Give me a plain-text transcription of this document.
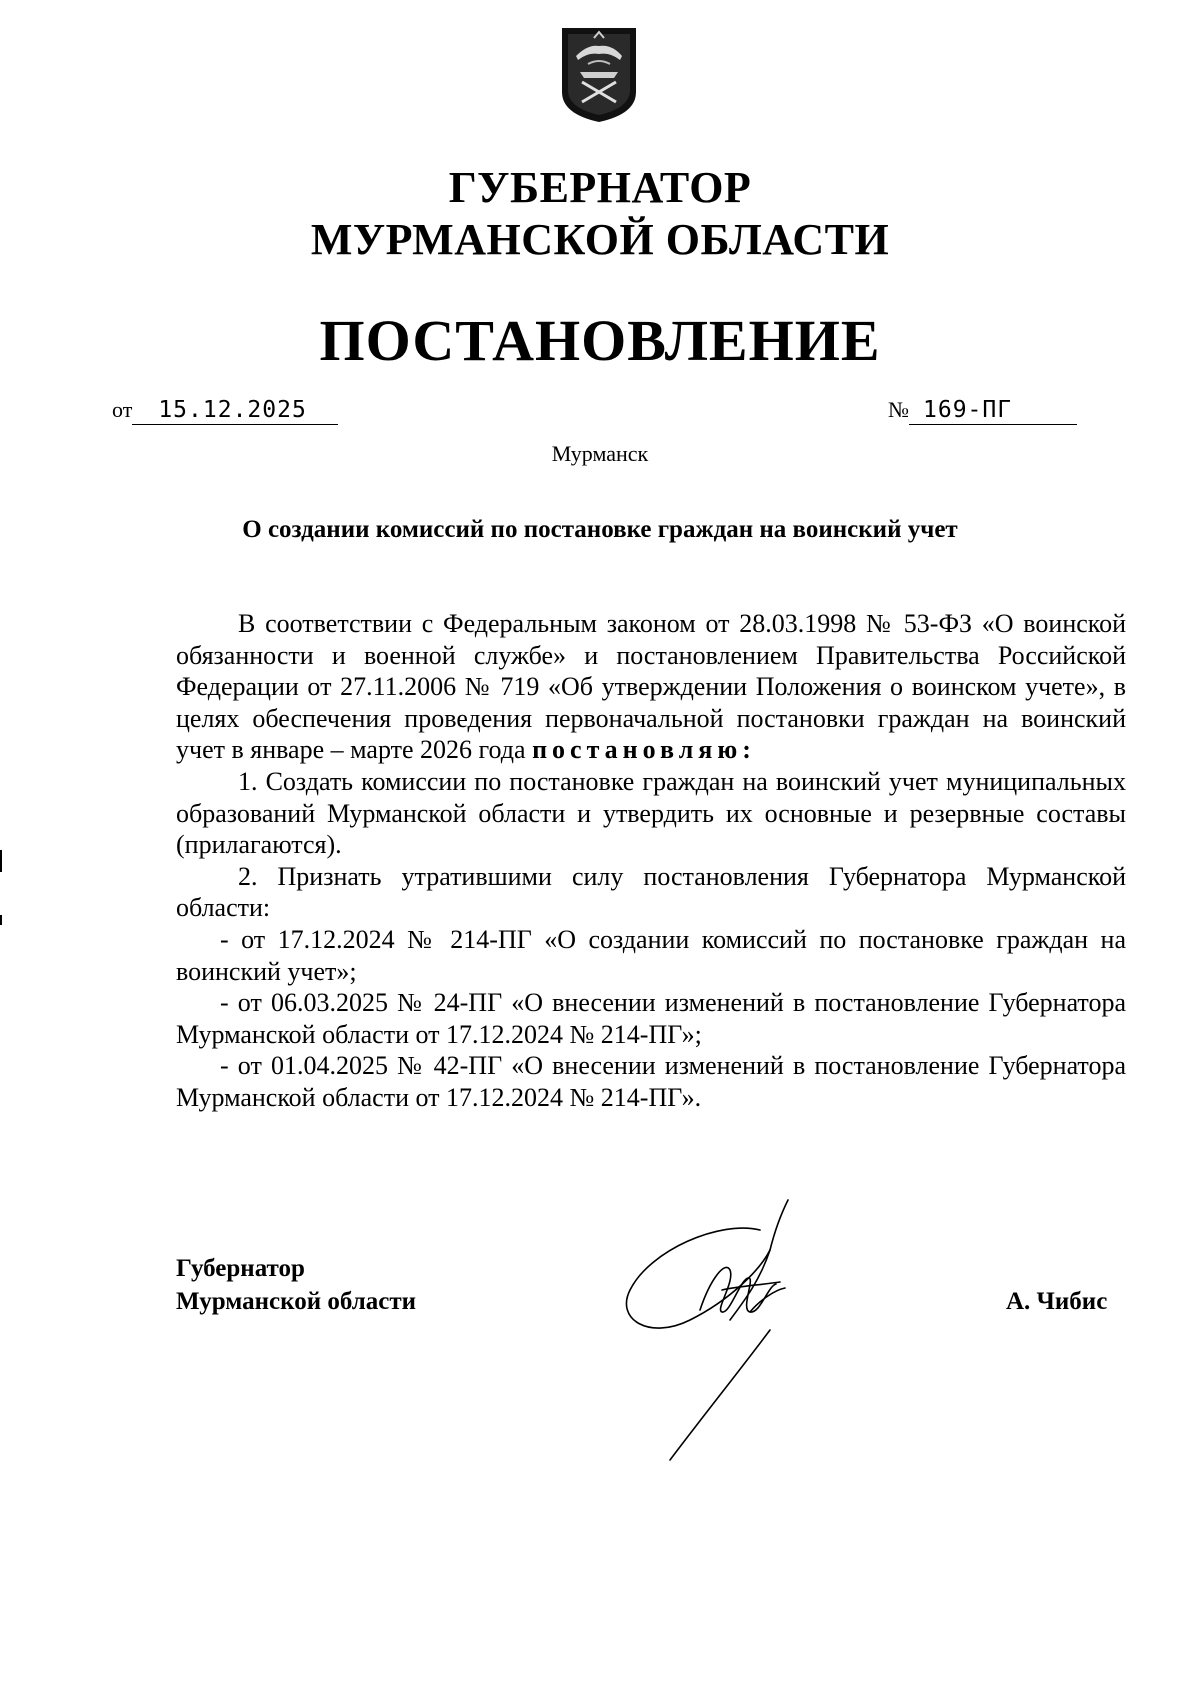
ГУБЕРНАТОР
МУРМАНСКОЙ ОБЛАСТИ
ПОСТАНОВЛЕНИЕ
от 15.12.2025	№ 169-ПГ
Мурманск
О создании комиссий по постановке граждан на воинский учет

В соответствии с Федеральным законом от 28.03.1998 № 53-ФЗ «О воинской обязанности и военной службе» и постановлением Правительства Российской Федерации от 27.11.2006 № 719 «Об утверждении Положения о воинском учете», в целях обеспечения проведения первоначальной постановки граждан на воинский учет в январе – марте 2026 года постановляю:

1. Создать комиссии по постановке граждан на воинский учет муниципальных образований Мурманской области и утвердить их основные и резервные составы (прилагаются).

2. Признать утратившими силу постановления Губернатора Мурманской области:

- от 17.12.2024 № 214-ПГ «О создании комиссий по постановке граждан на воинский учет»;

- от 06.03.2025 № 24-ПГ «О внесении изменений в постановление Губернатора Мурманской области от 17.12.2024 № 214-ПГ»;

- от 01.04.2025 № 42-ПГ «О внесении изменений в постановление Губернатора Мурманской области от 17.12.2024 № 214-ПГ».

Губернатор
Мурманской области	А. Чибис
